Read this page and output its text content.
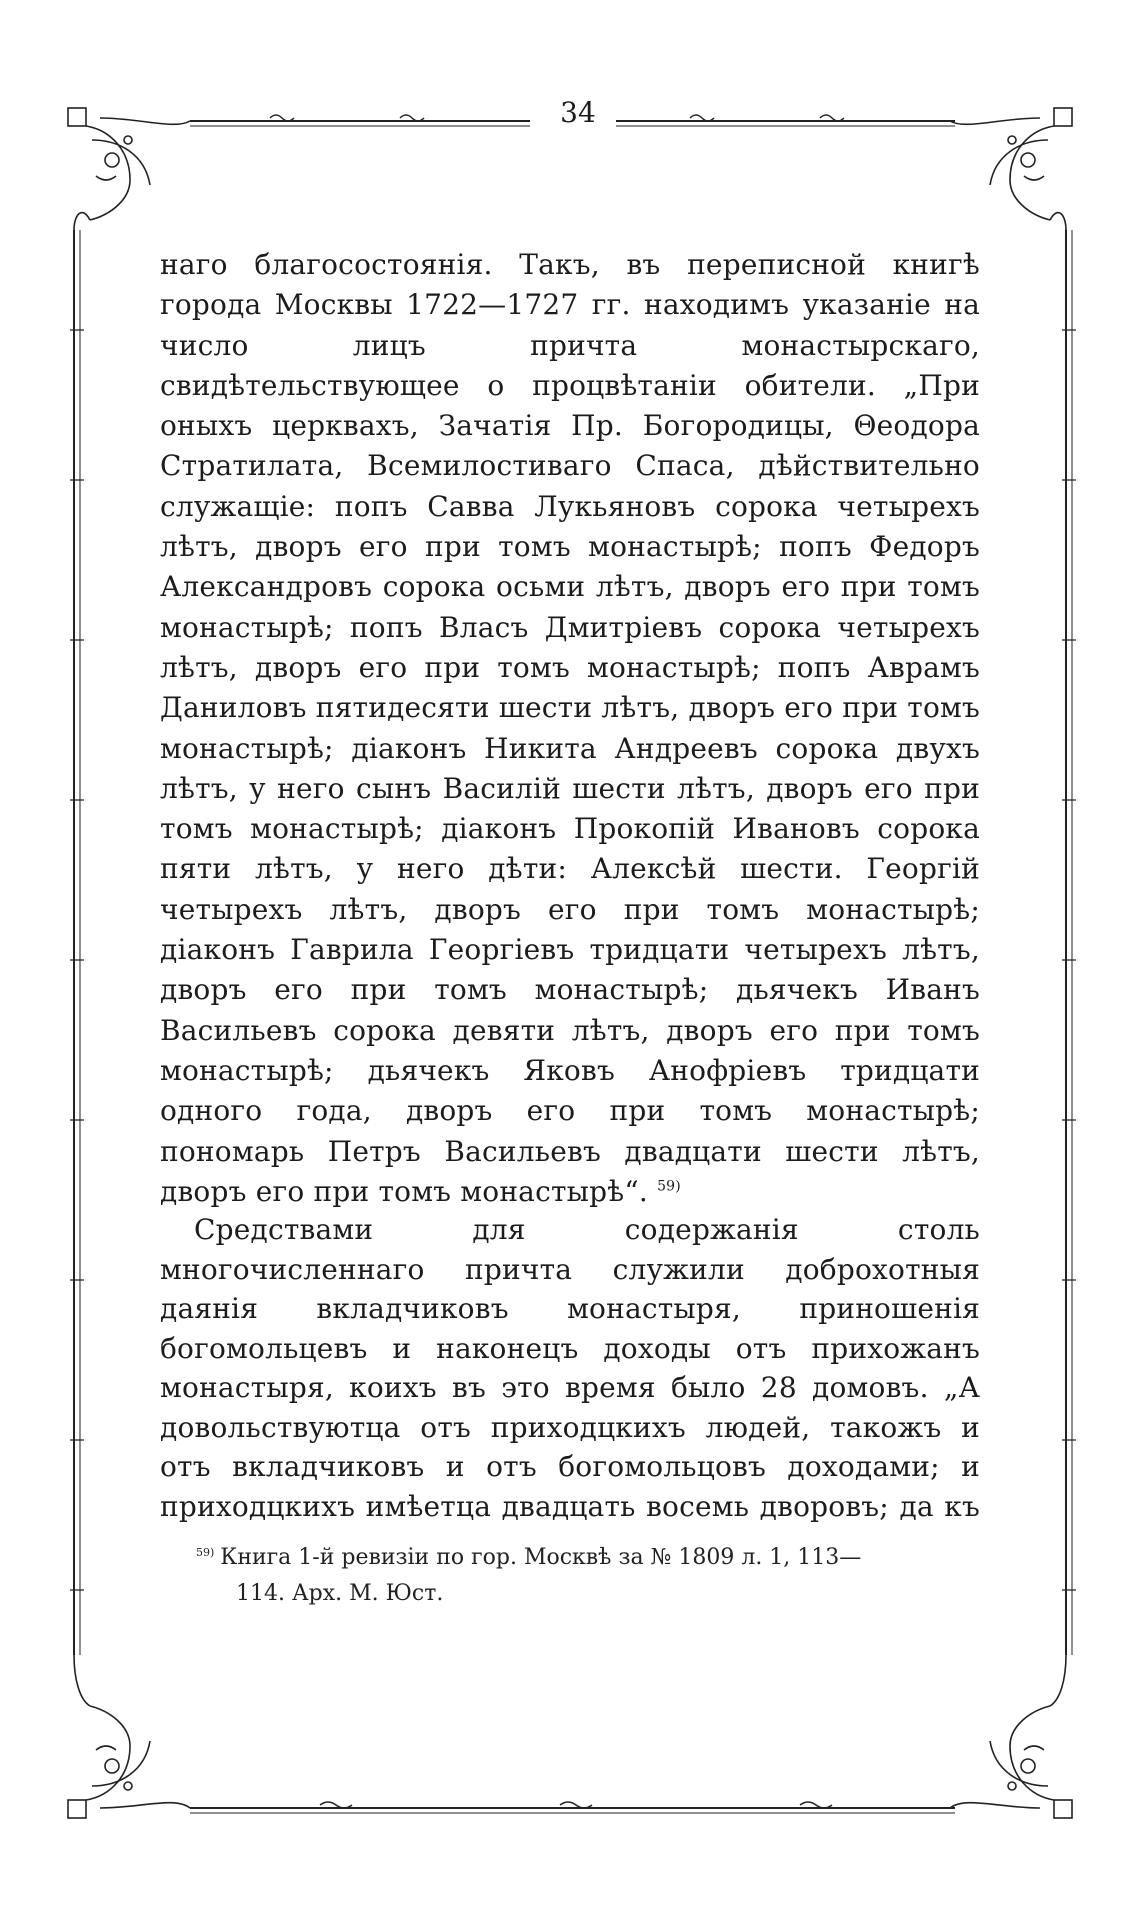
34
наго благосостоянія. Такъ, въ переписной книгѣ города Москвы 1722—1727 гг. находимъ указаніе на число лицъ причта монастырскаго, свидѣтельствующее о процвѣтаніи обители. „При оныхъ церквахъ, Зачатія Пр. Богородицы, Θеодора Стратилата, Всемилостиваго Спаса, дѣйствительно служащіе: попъ Савва Лукьяновъ сорока четырехъ лѣтъ, дворъ его при томъ монастырѣ; попъ Федоръ Александровъ сорока осьми лѣтъ, дворъ его при томъ монастырѣ; попъ Власъ Дмитріевъ сорока четырехъ лѣтъ, дворъ его при томъ монастырѣ; попъ Аврамъ Даниловъ пятидесяти шести лѣтъ, дворъ его при томъ монастырѣ; діаконъ Никита Андреевъ сорока двухъ лѣтъ, у него сынъ Василій шести лѣтъ, дворъ его при томъ монастырѣ; діаконъ Прокопій Ивановъ сорока пяти лѣтъ, у него дѣти: Алексѣй шести. Георгій четырехъ лѣтъ, дворъ его при томъ монастырѣ; діаконъ Гаврила Георгіевъ тридцати четырехъ лѣтъ, дворъ его при томъ монастырѣ; дьячекъ Иванъ Васильевъ сорока девяти лѣтъ, дворъ его при томъ монастырѣ; дьячекъ Яковъ Анофріевъ тридцати одного года, дворъ его при томъ монастырѣ; пономарь Петръ Васильевъ двадцати шести лѣтъ, дворъ его при томъ монастырѣ“. $^{59)}$
Средствами для содержанія столь многочисленнаго причта служили доброхотныя даянія вкладчиковъ монастыря, приношенія богомольцевъ и наконецъ доходы отъ прихожанъ монастыря, коихъ въ это время было 28 домовъ. „А довольствуютца отъ приходцкихъ людей, такожъ и отъ вкладчиковъ и отъ богомольцовъ доходами; и приходцкихъ имѣетца двадцать восемь дворовъ; да къ
$^{59)}$ Книга 1-й ревизіи по гор. Москвѣ за № 1809 л. 1, 113—
114. Арх. М. Юст.
